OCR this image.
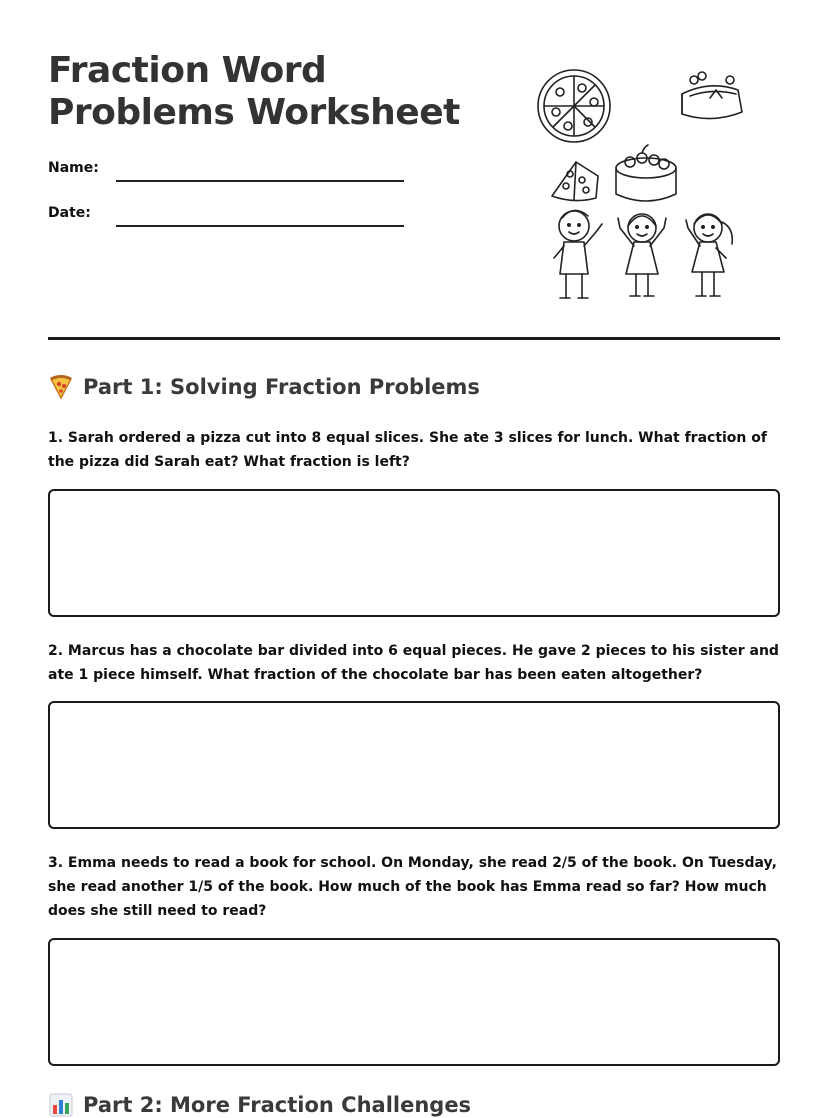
Fraction Word Problems Worksheet
Name:
Date:
Part 1: Solving Fraction Problems

1. Sarah ordered a pizza cut into 8 equal slices. She ate 3 slices for lunch. What fraction of the pizza did Sarah eat? What fraction is left?

2. Marcus has a chocolate bar divided into 6 equal pieces. He gave 2 pieces to his sister and ate 1 piece himself. What fraction of the chocolate bar has been eaten altogether?

3. Emma needs to read a book for school. On Monday, she read 2/5 of the book. On Tuesday, she read another 1/5 of the book. How much of the book has Emma read so far? How much does she still need to read?

Part 2: More Fraction Challenges
